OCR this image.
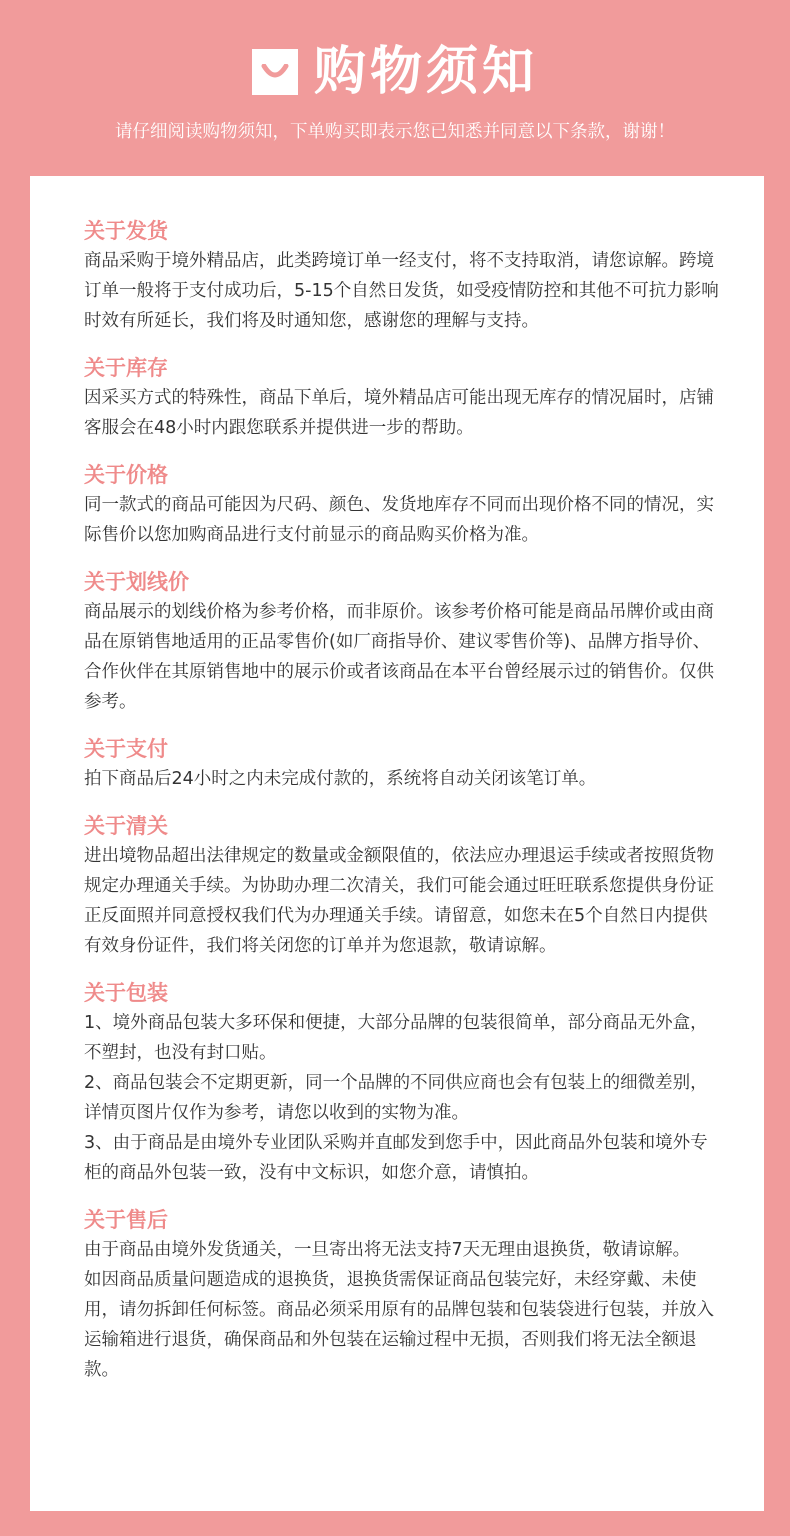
购物须知
请仔细阅读购物须知，下单购买即表示您已知悉并同意以下条款，谢谢！
关于发货

商品采购于境外精品店，此类跨境订单一经支付，将不支持取消，请您谅解。跨境订单一般将于支付成功后，5-15个自然日发货，如受疫情防控和其他不可抗力影响时效有所延长，我们将及时通知您，感谢您的理解与支持。

关于库存

因采买方式的特殊性，商品下单后，境外精品店可能出现无库存的情况届时，店铺客服会在48小时内跟您联系并提供进一步的帮助。

关于价格

同一款式的商品可能因为尺码、颜色、发货地库存不同而出现价格不同的情况，实际售价以您加购商品进行支付前显示的商品购买价格为准。

关于划线价

商品展示的划线价格为参考价格，而非原价。该参考价格可能是商品吊牌价或由商品在原销售地适用的正品零售价(如厂商指导价、建议零售价等)、品牌方指导价、合作伙伴在其原销售地中的展示价或者该商品在本平台曾经展示过的销售价。仅供参考。

关于支付

拍下商品后24小时之内未完成付款的，系统将自动关闭该笔订单。

关于清关

进出境物品超出法律规定的数量或金额限值的，依法应办理退运手续或者按照货物规定办理通关手续。为协助办理二次清关，我们可能会通过旺旺联系您提供身份证正反面照并同意授权我们代为办理通关手续。请留意，如您未在5个自然日内提供有效身份证件，我们将关闭您的订单并为您退款，敬请谅解。

关于包装

1、境外商品包装大多环保和便捷，大部分品牌的包装很简单，部分商品无外盒，不塑封，也没有封口贴。

2、商品包装会不定期更新，同一个品牌的不同供应商也会有包装上的细微差别，详情页图片仅作为参考，请您以收到的实物为准。

3、由于商品是由境外专业团队采购并直邮发到您手中，因此商品外包装和境外专柜的商品外包装一致，没有中文标识，如您介意，请慎拍。

关于售后

由于商品由境外发货通关，一旦寄出将无法支持7天无理由退换货，敬请谅解。

如因商品质量问题造成的退换货，退换货需保证商品包装完好，未经穿戴、未使用，请勿拆卸任何标签。商品必须采用原有的品牌包装和包装袋进行包装，并放入运输箱进行退货，确保商品和外包装在运输过程中无损，否则我们将无法全额退款。
